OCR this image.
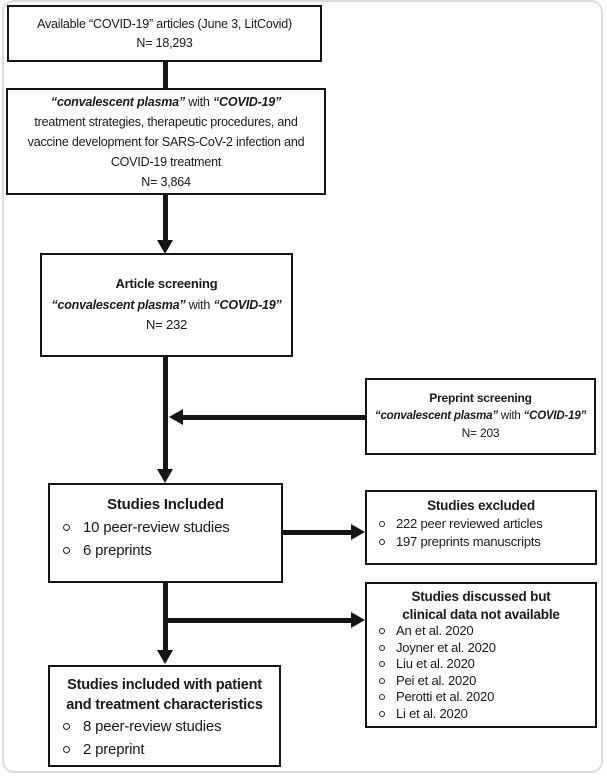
Available “COVID-19” articles (June 3, LitCovid)
N= 18,293
“convalescent plasma” with “COVID-19”
treatment strategies, therapeutic procedures, and
vaccine development for SARS-CoV-2 infection and
COVID-19 treatment
N= 3,864
Article screening
“convalescent plasma” with “COVID-19”
N= 232
Preprint screening
“convalescent plasma” with “COVID-19”
N= 203
Studies Included
10 peer-review studies
6 preprints
Studies excluded
222 peer reviewed articles
197 preprints manuscripts
Studies discussed but
clinical data not available
An et al. 2020
Joyner et al. 2020
Liu et al. 2020
Pei et al. 2020
Perotti et al. 2020
Li et al. 2020
Studies included with patient
and treatment characteristics
8 peer-review studies
2 preprint
